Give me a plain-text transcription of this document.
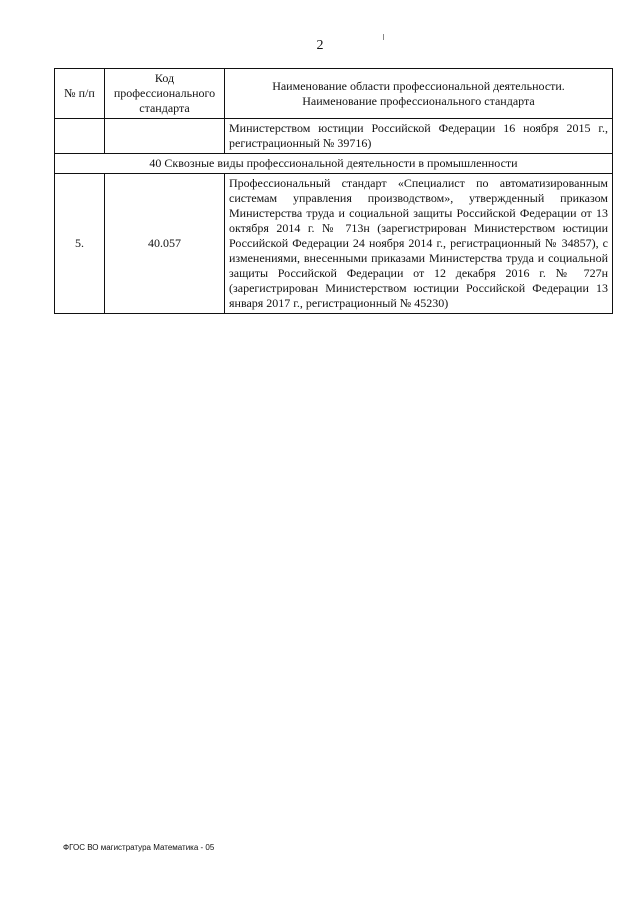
2
№ п/п	Код профессионального стандарта	Наименование области профессиональной деятельности.
Наименование профессионального стандарта

		Министерством юстиции Российской Федерации 16 ноября 2015 г., регистрационный № 39716)
40 Сквозные виды профессиональной деятельности в промышленности		
5.	40.057	Профессиональный стандарт «Специалист по автоматизированным системам управления производством», утвержденный приказом Министерства труда и социальной защиты Российской Федерации от 13 октября 2014 г. № 713н (зарегистрирован Министерством юстиции Российской Федерации 24 ноября 2014 г., регистрационный № 34857), с изменениями, внесенными приказами Министерства труда и социальной защиты Российской Федерации от 12 декабря 2016 г. № 727н (зарегистрирован Министерством юстиции Российской Федерации 13 января 2017 г., регистрационный № 45230)
ФГОС ВО магистратура Математика - 05
